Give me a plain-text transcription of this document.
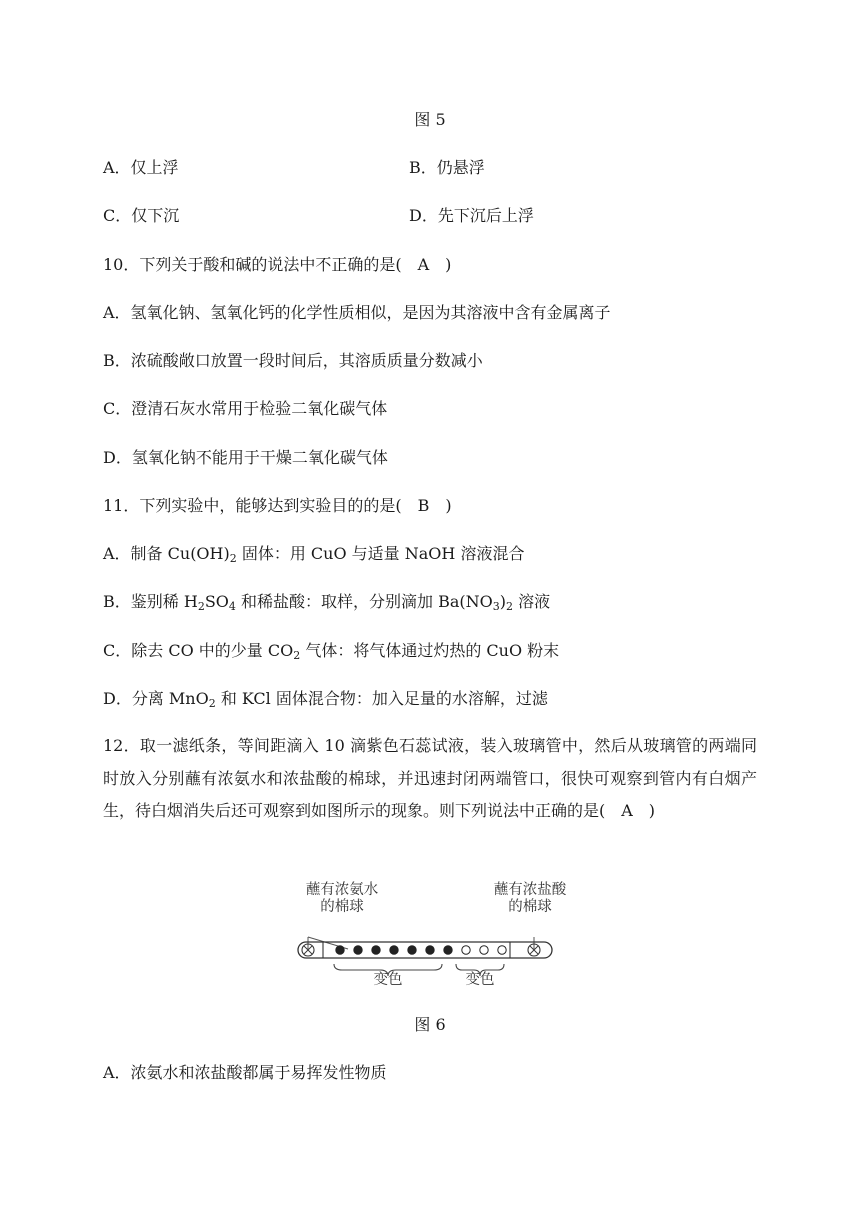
图 5
A．仅上浮	B．仍悬浮
C．仅下沉	D．先下沉后上浮
10．下列关于酸和碱的说法中不正确的是(　A　)
A．氢氧化钠、氢氧化钙的化学性质相似，是因为其溶液中含有金属离子
B．浓硫酸敞口放置一段时间后，其溶质质量分数减小
C．澄清石灰水常用于检验二氧化碳气体
D．氢氧化钠不能用于干燥二氧化碳气体
11．下列实验中，能够达到实验目的的是(　B　)
A．制备 $Cu(OH)_2$ 固体：用 CuO 与适量 NaOH 溶液混合
B．鉴别稀 $H_2SO_4$ 和稀盐酸：取样，分别滴加 $Ba(NO_3)_2$ 溶液
C．除去 CO 中的少量 $CO_2$ 气体：将气体通过灼热的 CuO 粉末
D．分离 MnO$_2$ 和 KCl 固体混合物：加入足量的水溶解，过滤
12．取一滤纸条，等间距滴入 10 滴紫色石蕊试液，装入玻璃管中，然后从玻璃管的两端同时放入分别蘸有浓氨水和浓盐酸的棉球，并迅速封闭两端管口，很快可观察到管内有白烟产生，待白烟消失后还可观察到如图所示的现象。则下列说法中正确的是(　A　)
蘸有浓氨水
的棉球
蘸有浓盐酸
的棉球
变色	变色
图 6
A．浓氨水和浓盐酸都属于易挥发性物质
